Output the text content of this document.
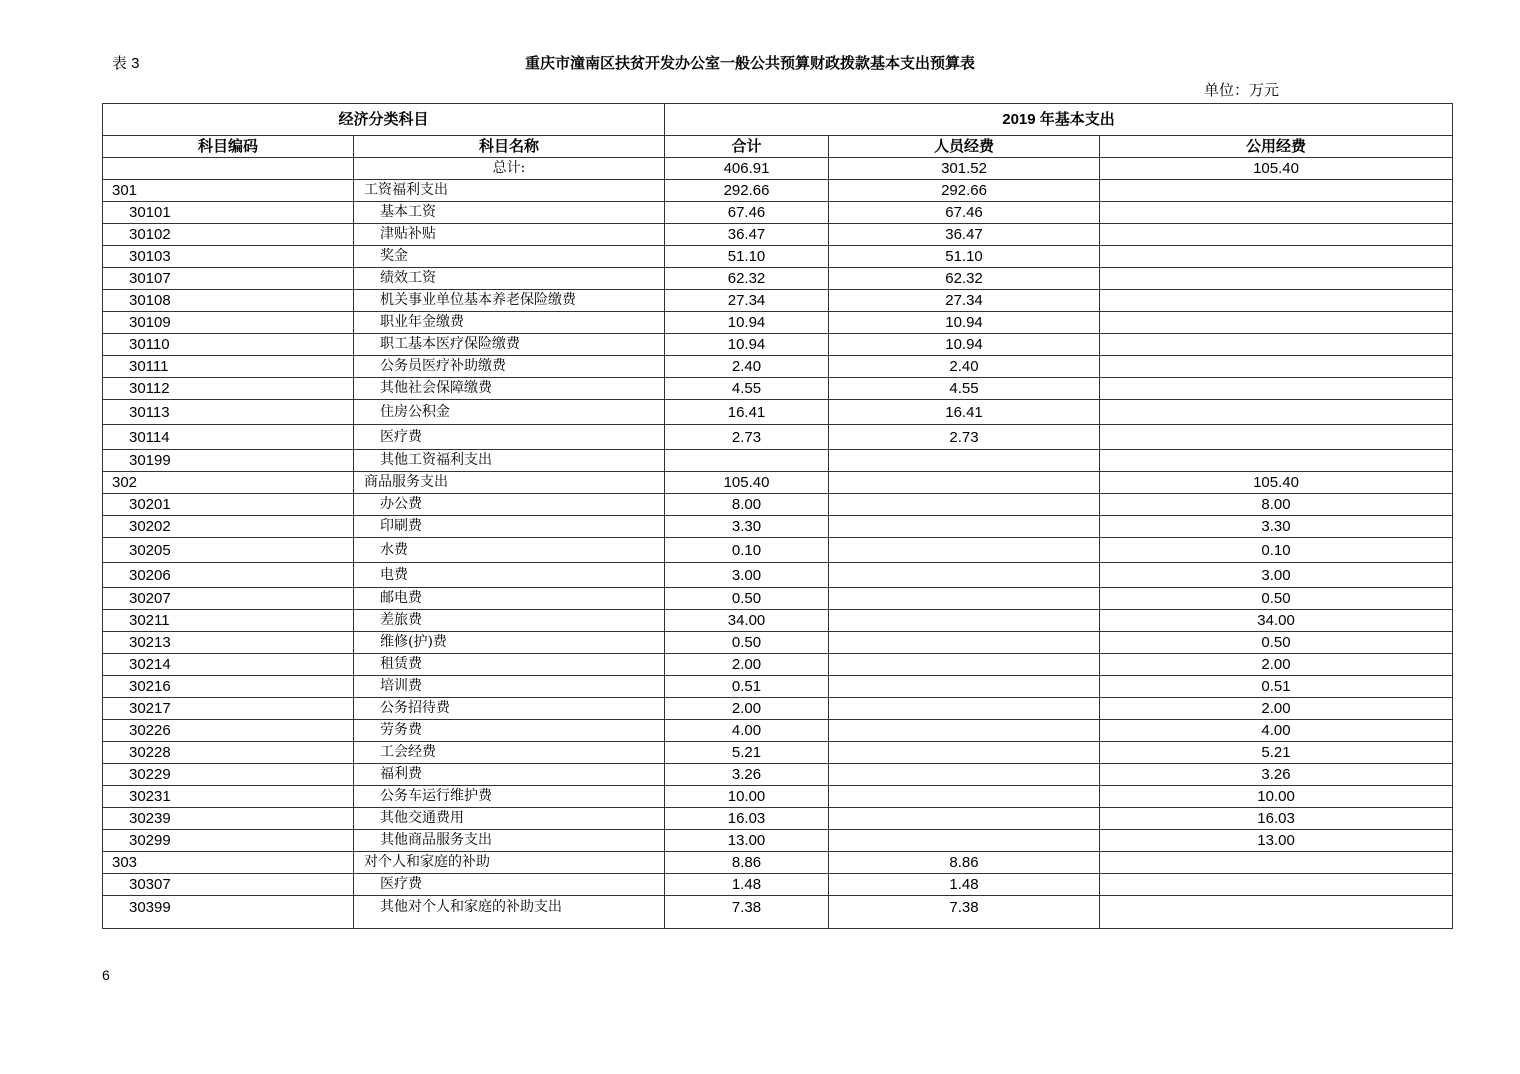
表 3	重庆市潼南区扶贫开发办公室一般公共预算财政拨款基本支出预算表
单位：万元
经济分类科目		2019 年基本支出		
科目编码	科目名称	合计	人员经费	公用经费
	总计:	406.91	301.52	105.40
301	工资福利支出	292.66	292.66	
30101	基本工资	67.46	67.46	
30102	津贴补贴	36.47	36.47	
30103	奖金	51.10	51.10	
30107	绩效工资	62.32	62.32	
30108	机关事业单位基本养老保险缴费	27.34	27.34	
30109	职业年金缴费	10.94	10.94	
30110	职工基本医疗保险缴费	10.94	10.94	
30111	公务员医疗补助缴费	2.40	2.40	
30112	其他社会保障缴费	4.55	4.55	
30113	住房公积金	16.41	16.41	
30114	医疗费	2.73	2.73	
30199	其他工资福利支出			
302	商品服务支出	105.40		105.40
30201	办公费	8.00		8.00
30202	印刷费	3.30		3.30
30205	水费	0.10		0.10
30206	电费	3.00		3.00
30207	邮电费	0.50		0.50
30211	差旅费	34.00		34.00
30213	维修(护)费	0.50		0.50
30214	租赁费	2.00		2.00
30216	培训费	0.51		0.51
30217	公务招待费	2.00		2.00
30226	劳务费	4.00		4.00
30228	工会经费	5.21		5.21
30229	福利费	3.26		3.26
30231	公务车运行维护费	10.00		10.00
30239	其他交通费用	16.03		16.03
30299	其他商品服务支出	13.00		13.00
303	对个人和家庭的补助	8.86	8.86	
30307	医疗费	1.48	1.48	
30399	其他对个人和家庭的补助支出	7.38	7.38	
6
